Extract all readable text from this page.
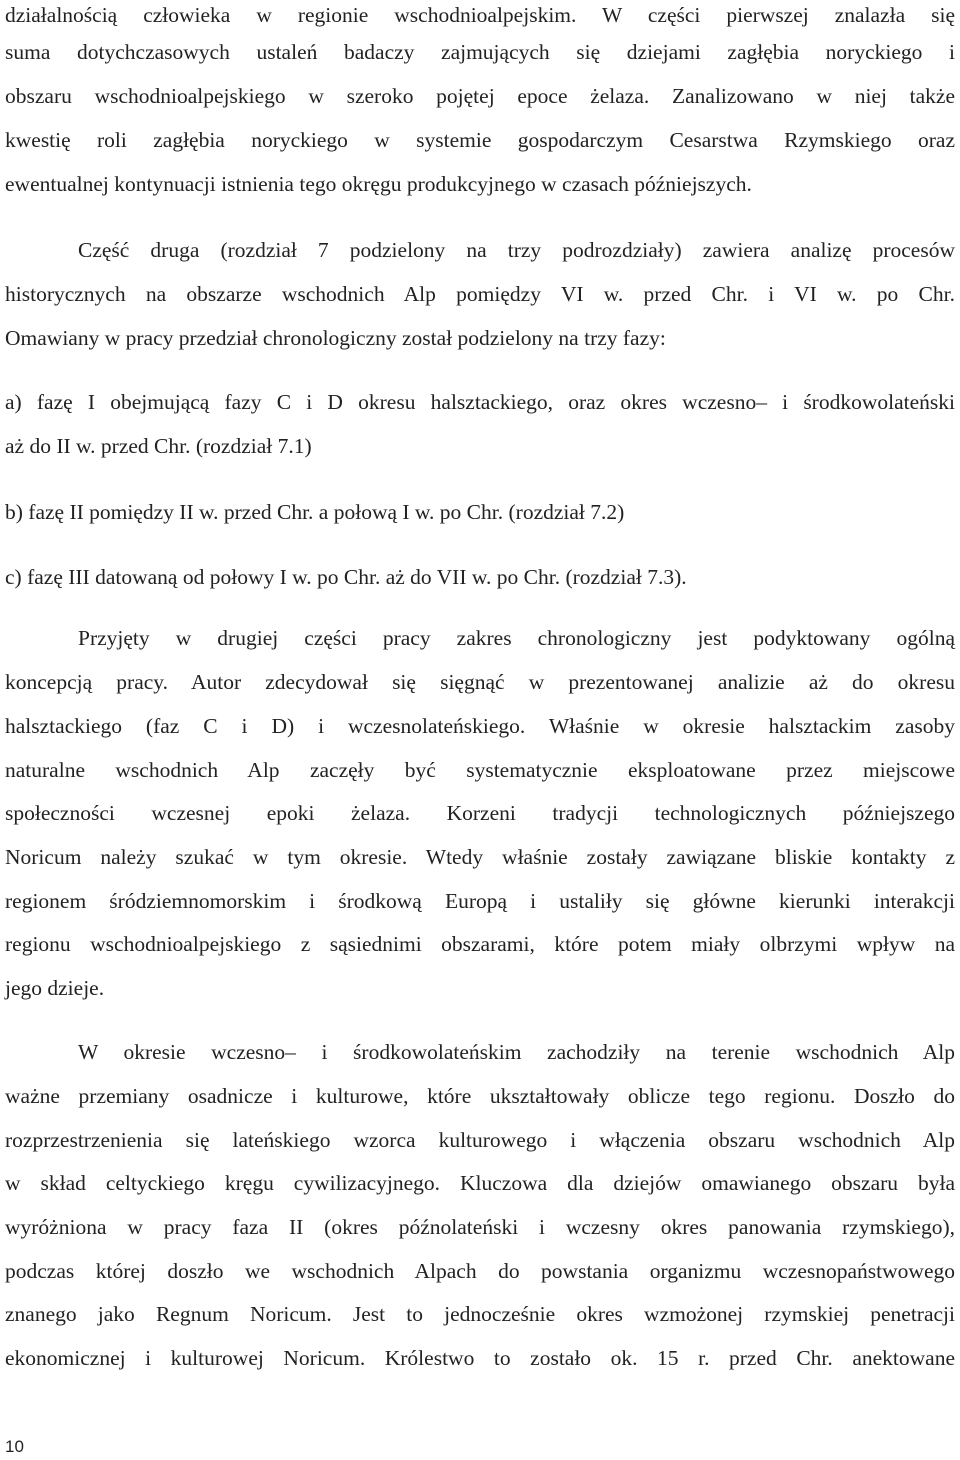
działalnością człowieka w regionie wschodnioalpejskim. W części pierwszej znalazła się
suma dotychczasowych ustaleń badaczy zajmujących się dziejami zagłębia noryckiego i
obszaru wschodnioalpejskiego w szeroko pojętej epoce żelaza. Zanalizowano w niej także
kwestię roli zagłębia noryckiego w systemie gospodarczym Cesarstwa Rzymskiego oraz
ewentualnej kontynuacji istnienia tego okręgu produkcyjnego w czasach późniejszych.
Część druga (rozdział 7 podzielony na trzy podrozdziały) zawiera analizę procesów
historycznych na obszarze wschodnich Alp pomiędzy VI w. przed Chr. i VI w. po Chr.
Omawiany w pracy przedział chronologiczny został podzielony na trzy fazy:
a) fazę I obejmującą fazy C i D okresu halsztackiego, oraz okres wczesno– i środkowolateński
aż do II w. przed Chr. (rozdział 7.1)
b) fazę II pomiędzy II w. przed Chr. a połową I w. po Chr. (rozdział 7.2)
c) fazę III datowaną od połowy I w. po Chr. aż do VII w. po Chr. (rozdział 7.3).
Przyjęty w drugiej części pracy zakres chronologiczny jest podyktowany ogólną
koncepcją pracy. Autor zdecydował się sięgnąć w prezentowanej analizie aż do okresu
halsztackiego (faz C i D) i wczesnolateńskiego. Właśnie w okresie halsztackim zasoby
naturalne wschodnich Alp zaczęły być systematycznie eksploatowane przez miejscowe
społeczności wczesnej epoki żelaza. Korzeni tradycji technologicznych późniejszego
Noricum należy szukać w tym okresie. Wtedy właśnie zostały zawiązane bliskie kontakty z
regionem śródziemnomorskim i środkową Europą i ustaliły się główne kierunki interakcji
regionu wschodnioalpejskiego z sąsiednimi obszarami, które potem miały olbrzymi wpływ na
jego dzieje.
W okresie wczesno– i środkowolateńskim zachodziły na terenie wschodnich Alp
ważne przemiany osadnicze i kulturowe, które ukształtowały oblicze tego regionu. Doszło do
rozprzestrzenienia się lateńskiego wzorca kulturowego i włączenia obszaru wschodnich Alp
w skład celtyckiego kręgu cywilizacyjnego. Kluczowa dla dziejów omawianego obszaru była
wyróżniona w pracy faza II (okres późnolateński i wczesny okres panowania rzymskiego),
podczas której doszło we wschodnich Alpach do powstania organizmu wczesnopaństwowego
znanego jako Regnum Noricum. Jest to jednocześnie okres wzmożonej rzymskiej penetracji
ekonomicznej i kulturowej Noricum. Królestwo to zostało ok. 15 r. przed Chr. anektowane
10
